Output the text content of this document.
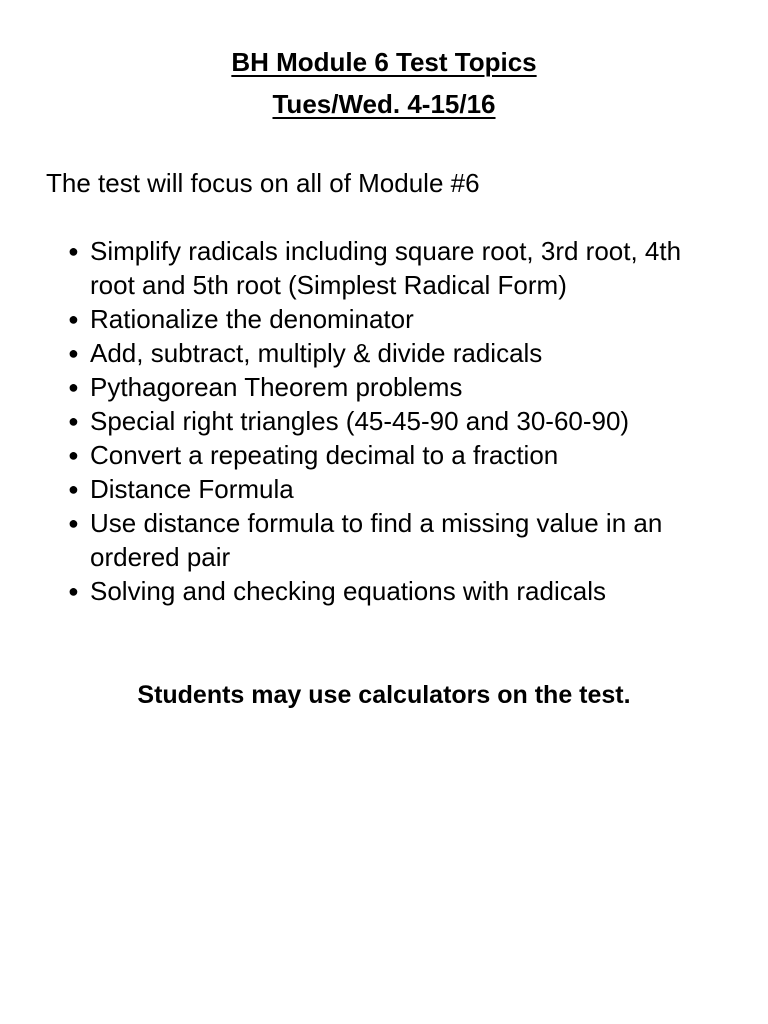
BH Module 6 Test Topics
Tues/Wed. 4-15/16
The test will focus on all of Module #6
● Simplify radicals including square root, 3rd root, 4th root and 5th root (Simplest Radical Form)
● Rationalize the denominator
● Add, subtract, multiply & divide radicals
● Pythagorean Theorem problems
● Special right triangles (45-45-90 and 30-60-90)
● Convert a repeating decimal to a fraction
● Distance Formula
● Use distance formula to find a missing value in an ordered pair
● Solving and checking equations with radicals
Students may use calculators on the test.
